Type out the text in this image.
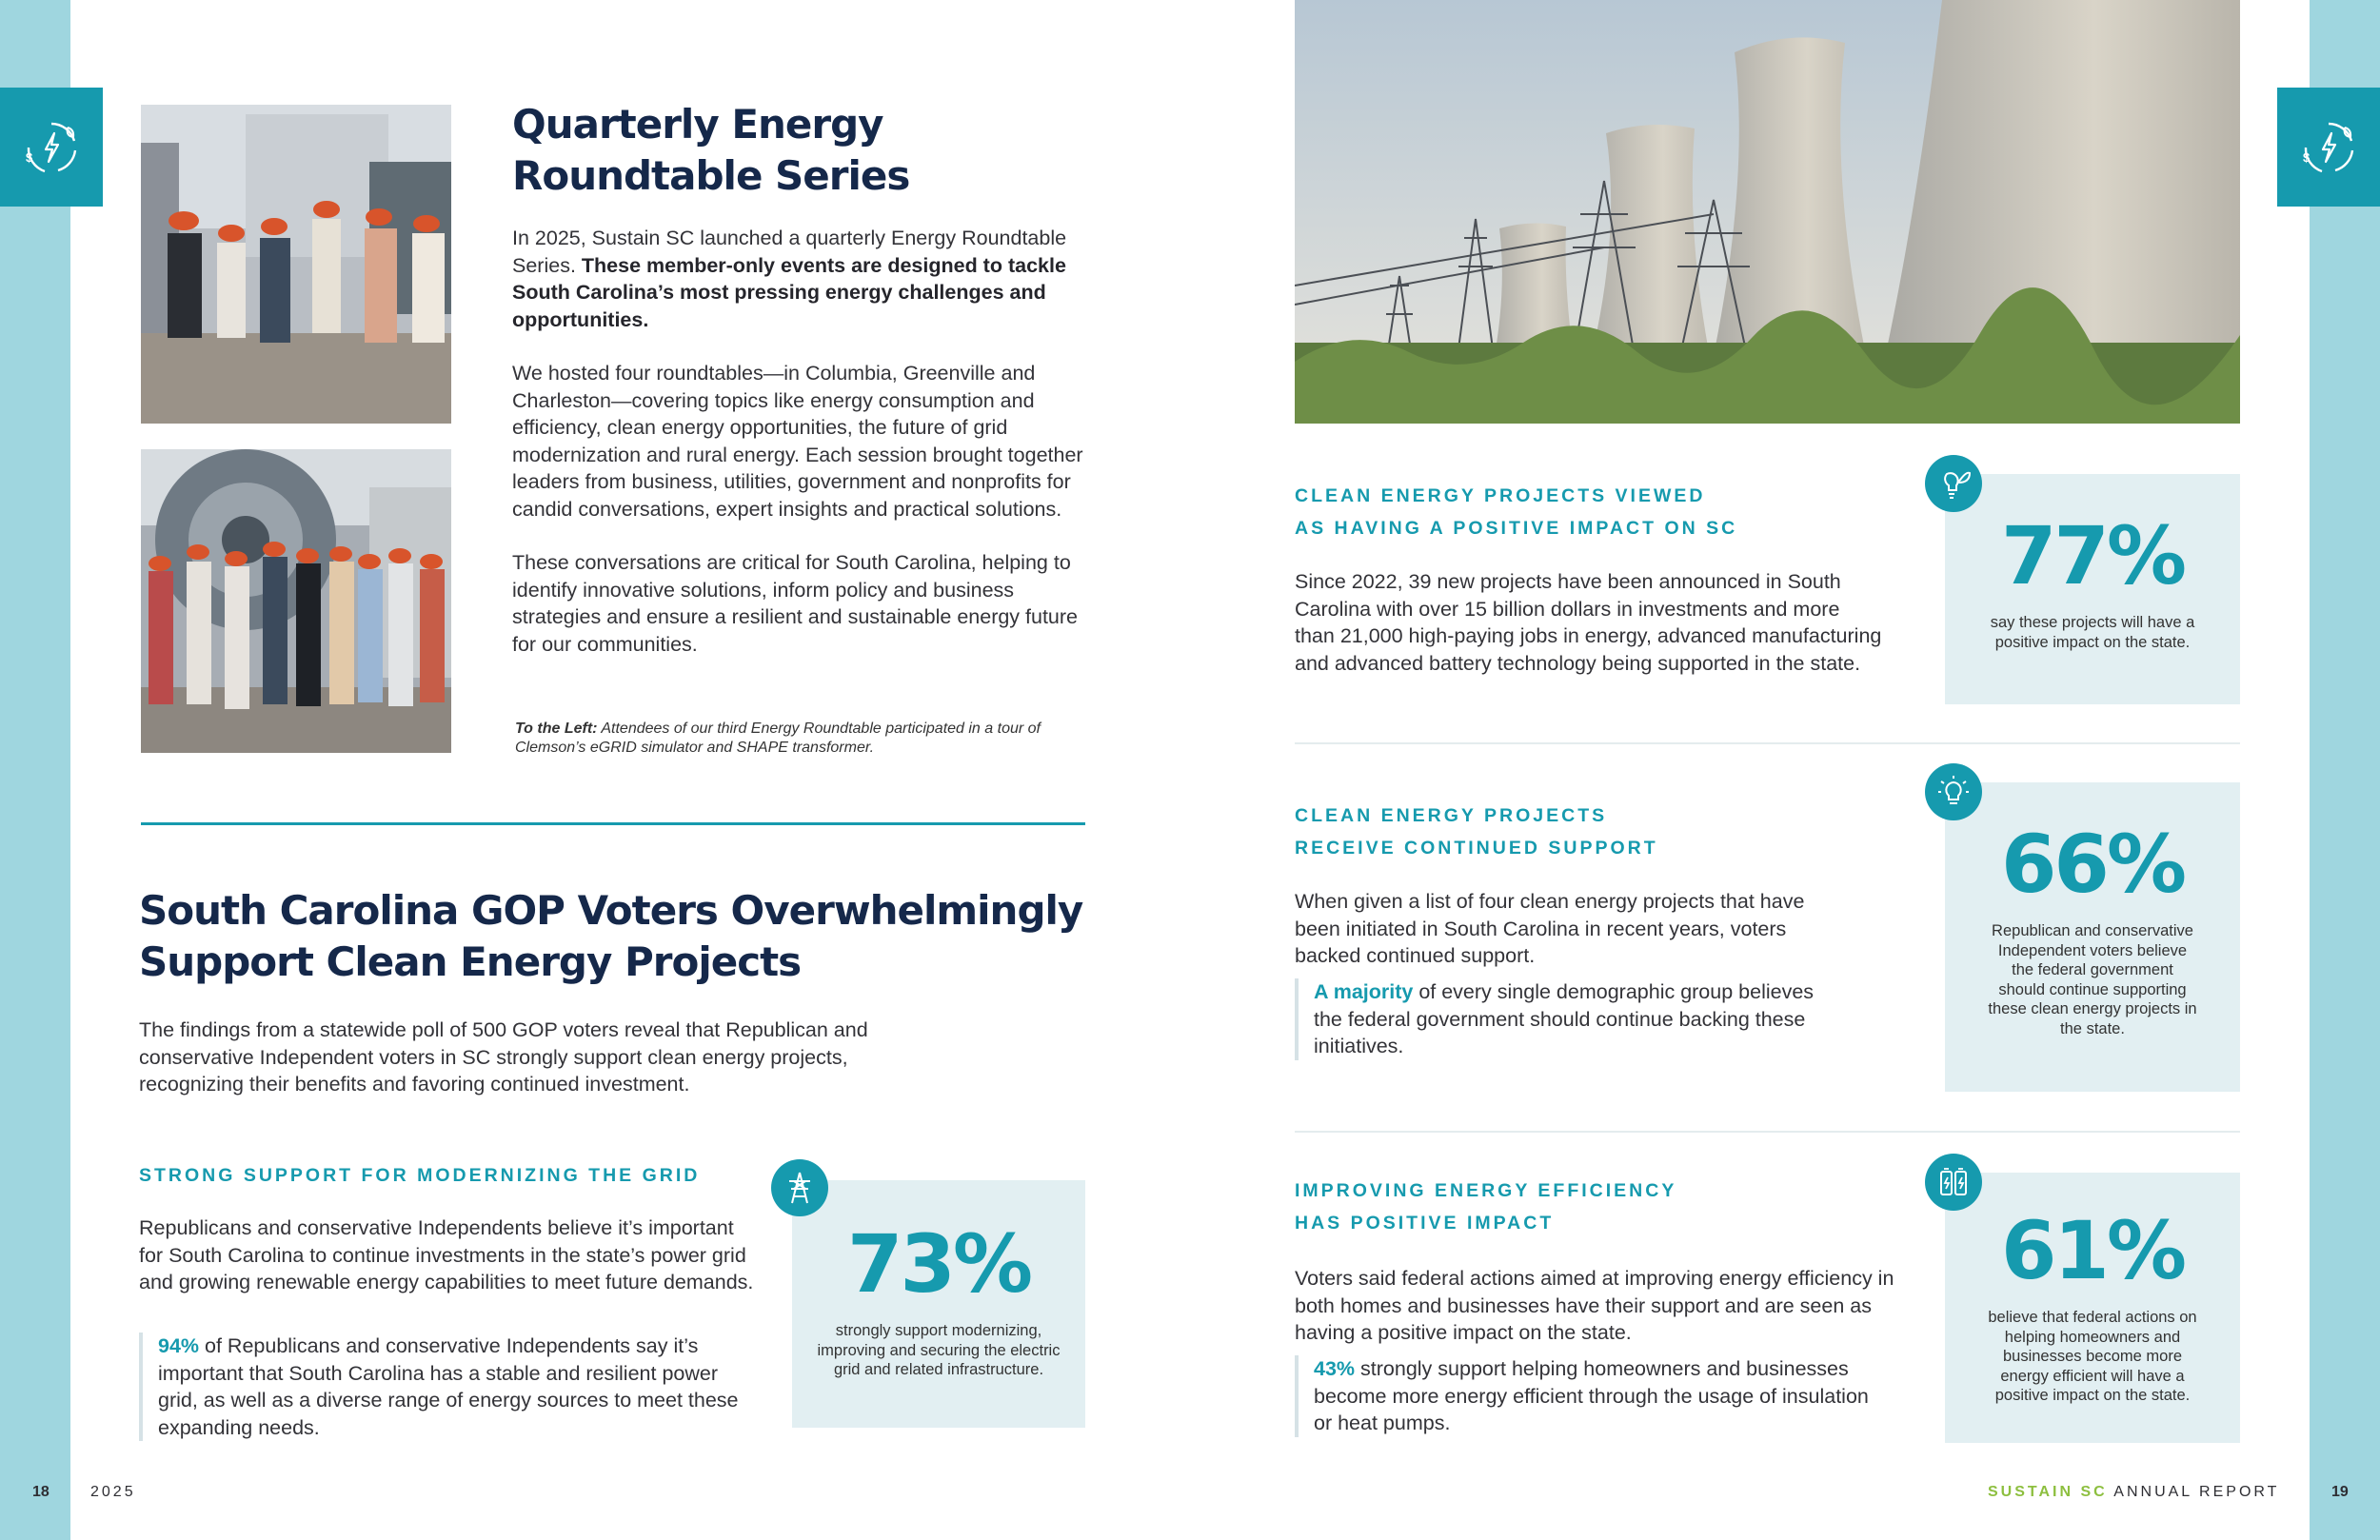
$	$
Quarterly Energy
Roundtable Series

In 2025, Sustain SC launched a quarterly Energy Roundtable Series. These member-only events are designed to tackle South Carolina’s most pressing energy challenges and opportunities.

We hosted four roundtables—in Columbia, Greenville and Charleston—covering topics like energy consumption and efficiency, clean energy opportunities, the future of grid modernization and rural energy. Each session brought together leaders from business, utilities, government and nonprofits for candid conversations, expert insights and practical solutions.

These conversations are critical for South Carolina, helping to identify innovative solutions, inform policy and business strategies and ensure a resilient and sustainable energy future for our communities.

To the Left: Attendees of our third Energy Roundtable participated in a tour of Clemson’s eGRID simulator and SHAPE transformer.
South Carolina GOP Voters Overwhelmingly
Support Clean Energy Projects

The findings from a statewide poll of 500 GOP voters reveal that Republican and conservative Independent voters in SC strongly support clean energy projects, recognizing their benefits and favoring continued investment.

STRONG SUPPORT FOR MODERNIZING THE GRID

Republicans and conservative Independents believe it’s important for South Carolina to continue investments in the state’s power grid and growing renewable energy capabilities to meet future demands.

94% of Republicans and conservative Independents say it’s important that South Carolina has a stable and resilient power grid, as well as a diverse range of energy sources to meet these expanding needs.
73%
strongly support modernizing, improving and securing the electric grid and related infrastructure.
18	2025
CLEAN ENERGY PROJECTS VIEWED
AS HAVING A POSITIVE IMPACT ON SC

Since 2022, 39 new projects have been announced in South Carolina with over 15 billion dollars in investments and more than 21,000 high-paying jobs in energy, advanced manufacturing and advanced battery technology being supported in the state.

77%
say these projects will have a positive impact on the state.
CLEAN ENERGY PROJECTS
RECEIVE CONTINUED SUPPORT

When given a list of four clean energy projects that have been initiated in South Carolina in recent years, voters backed continued support.

A majority of every single demographic group believes the federal government should continue backing these initiatives.
66%
Republican and conservative Independent voters believe the federal government should continue supporting these clean energy projects in the state.
IMPROVING ENERGY EFFICIENCY
HAS POSITIVE IMPACT

Voters said federal actions aimed at improving energy efficiency in both homes and businesses have their support and are seen as having a positive impact on the state.

43% strongly support helping homeowners and businesses become more energy efficient through the usage of insulation or heat pumps.
61%
believe that federal actions on helping homeowners and businesses become more energy efficient will have a positive impact on the state.
SUSTAIN SC ANNUAL REPORT	19
